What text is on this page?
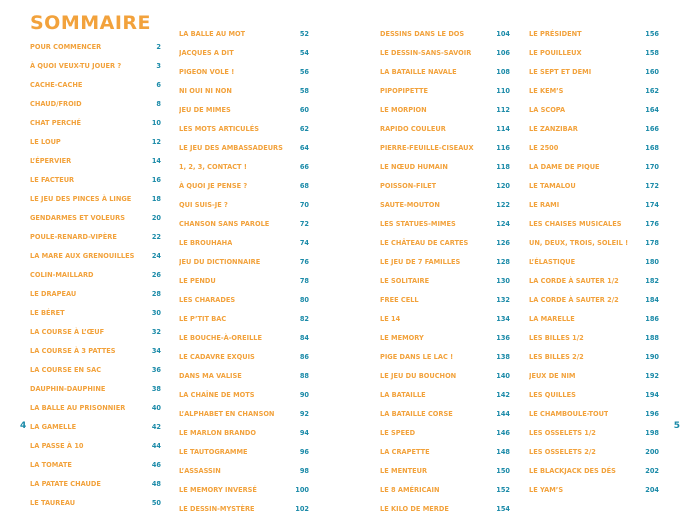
SOMMAIRE
POUR COMMENCER	2
À QUOI VEUX-TU JOUER ?	3
CACHE-CACHE	6
CHAUD/FROID	8
CHAT PERCHÉ	10
LE LOUP	12
L’ÉPERVIER	14
LE FACTEUR	16
LE JEU DES PINCES À LINGE	18
GENDARMES ET VOLEURS	20
POULE-RENARD-VIPÈRE	22
LA MARE AUX GRENOUILLES	24
COLIN-MAILLARD	26
LE DRAPEAU	28
LE BÉRET	30
LA COURSE À L’ŒUF	32
LA COURSE À 3 PATTES	34
LA COURSE EN SAC	36
DAUPHIN-DAUPHINE	38
LA BALLE AU PRISONNIER	40
LA GAMELLE	42
LA PASSE À 10	44
LA TOMATE	46
LA PATATE CHAUDE	48
LE TAUREAU	50
LA BALLE AU MOT	52
JACQUES A DIT	54
PIGEON VOLE !	56
NI OUI NI NON	58
JEU DE MIMES	60
LES MOTS ARTICULÉS	62
LE JEU DES AMBASSADEURS	64
1, 2, 3, CONTACT !	66
À QUOI JE PENSE ?	68
QUI SUIS-JE ?	70
CHANSON SANS PAROLE	72
LE BROUHAHA	74
JEU DU DICTIONNAIRE	76
LE PENDU	78
LES CHARADES	80
LE P’TIT BAC	82
LE BOUCHE-À-OREILLE	84
LE CADAVRE EXQUIS	86
DANS MA VALISE	88
LA CHAÎNE DE MOTS	90
L’ALPHABET EN CHANSON	92
LE MARLON BRANDO	94
LE TAUTOGRAMME	96
L’ASSASSIN	98
LE MEMORY INVERSÉ	100
LE DESSIN-MYSTÈRE	102
DESSINS DANS LE DOS	104
LE DESSIN-SANS-SAVOIR	106
LA BATAILLE NAVALE	108
PIPOPIPETTE	110
LE MORPION	112
RAPIDO COULEUR	114
PIERRE-FEUILLE-CISEAUX	116
LE NŒUD HUMAIN	118
POISSON-FILET	120
SAUTE-MOUTON	122
LES STATUES-MIMES	124
LE CHÂTEAU DE CARTES	126
LE JEU DE 7 FAMILLES	128
LE SOLITAIRE	130
FREE CELL	132
LE 14	134
LE MEMORY	136
PIGE DANS LE LAC !	138
LE JEU DU BOUCHON	140
LA BATAILLE	142
LA BATAILLE CORSE	144
LE SPEED	146
LA CRAPETTE	148
LE MENTEUR	150
LE 8 AMÉRICAIN	152
LE KILO DE MERDE	154
LE PRÉSIDENT	156
LE POUILLEUX	158
LE SEPT ET DEMI	160
LE KEM’S	162
LA SCOPA	164
LE ZANZIBAR	166
LE 2500	168
LA DAME DE PIQUE	170
LE TAMALOU	172
LE RAMI	174
LES CHAISES MUSICALES	176
UN, DEUX, TROIS, SOLEIL !	178
L’ÉLASTIQUE	180
LA CORDE À SAUTER 1/2	182
LA CORDE À SAUTER 2/2	184
LA MARELLE	186
LES BILLES 1/2	188
LES BILLES 2/2	190
JEUX DE NIM	192
LES QUILLES	194
LE CHAMBOULE-TOUT	196
LES OSSELETS 1/2	198
LES OSSELETS 2/2	200
LE BLACKJACK DES DÉS	202
LE YAM’S	204
4	5
